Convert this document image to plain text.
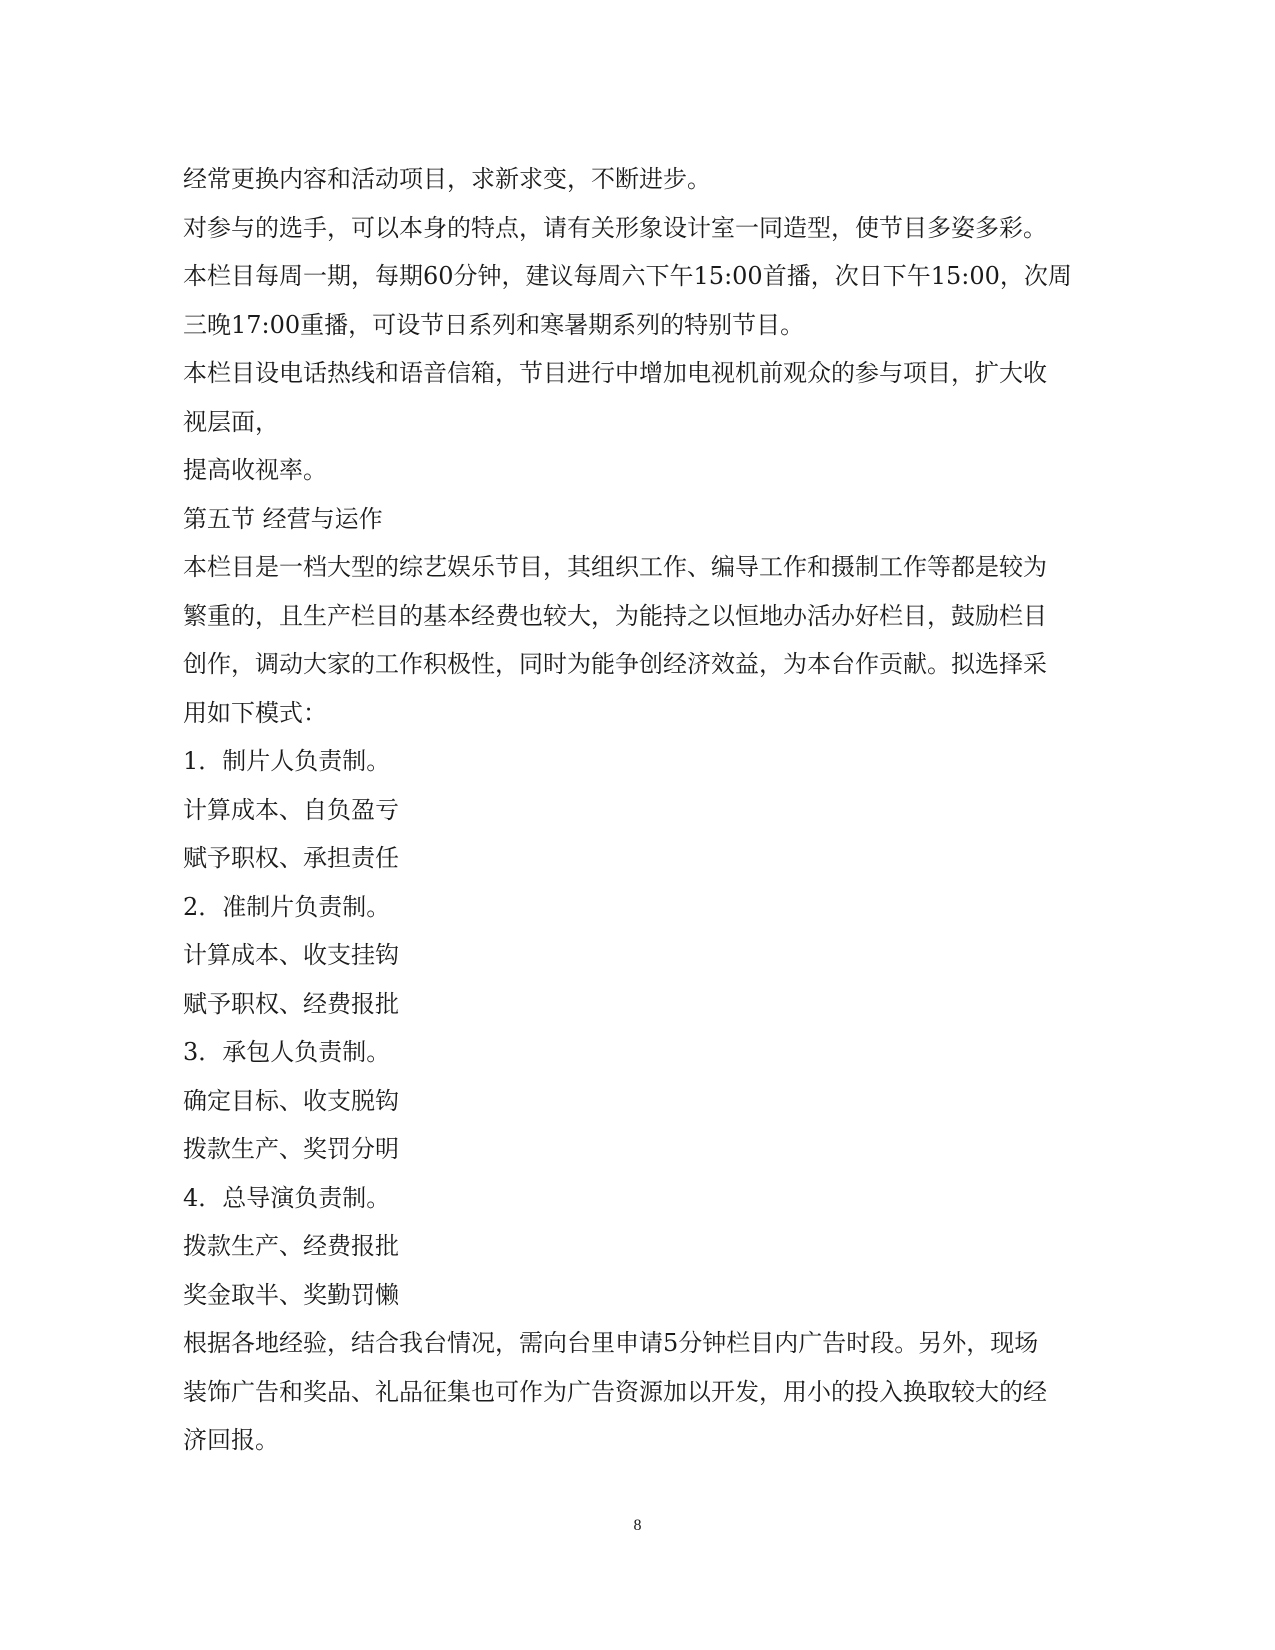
经常更换内容和活动项目，求新求变，不断进步。
对参与的选手，可以本身的特点，请有关形象设计室一同造型，使节目多姿多彩。
本栏目每周一期，每期60分钟，建议每周六下午15:00首播，次日下午15:00，次周
三晚17:00重播，可设节日系列和寒暑期系列的特别节目。
本栏目设电话热线和语音信箱，节目进行中增加电视机前观众的参与项目，扩大收
视层面，
提高收视率。
第五节 经营与运作
本栏目是一档大型的综艺娱乐节目，其组织工作、编导工作和摄制工作等都是较为
繁重的，且生产栏目的基本经费也较大，为能持之以恒地办活办好栏目，鼓励栏目
创作，调动大家的工作积极性，同时为能争创经济效益，为本台作贡献。拟选择采
用如下模式：
1．制片人负责制。
计算成本、自负盈亏
赋予职权、承担责任
2．准制片负责制。
计算成本、收支挂钩
赋予职权、经费报批
3．承包人负责制。
确定目标、收支脱钩
拨款生产、奖罚分明
4．总导演负责制。
拨款生产、经费报批
奖金取半、奖勤罚懒
根据各地经验，结合我台情况，需向台里申请5分钟栏目内广告时段。另外，现场
装饰广告和奖品、礼品征集也可作为广告资源加以开发，用小的投入换取较大的经
济回报。
8
